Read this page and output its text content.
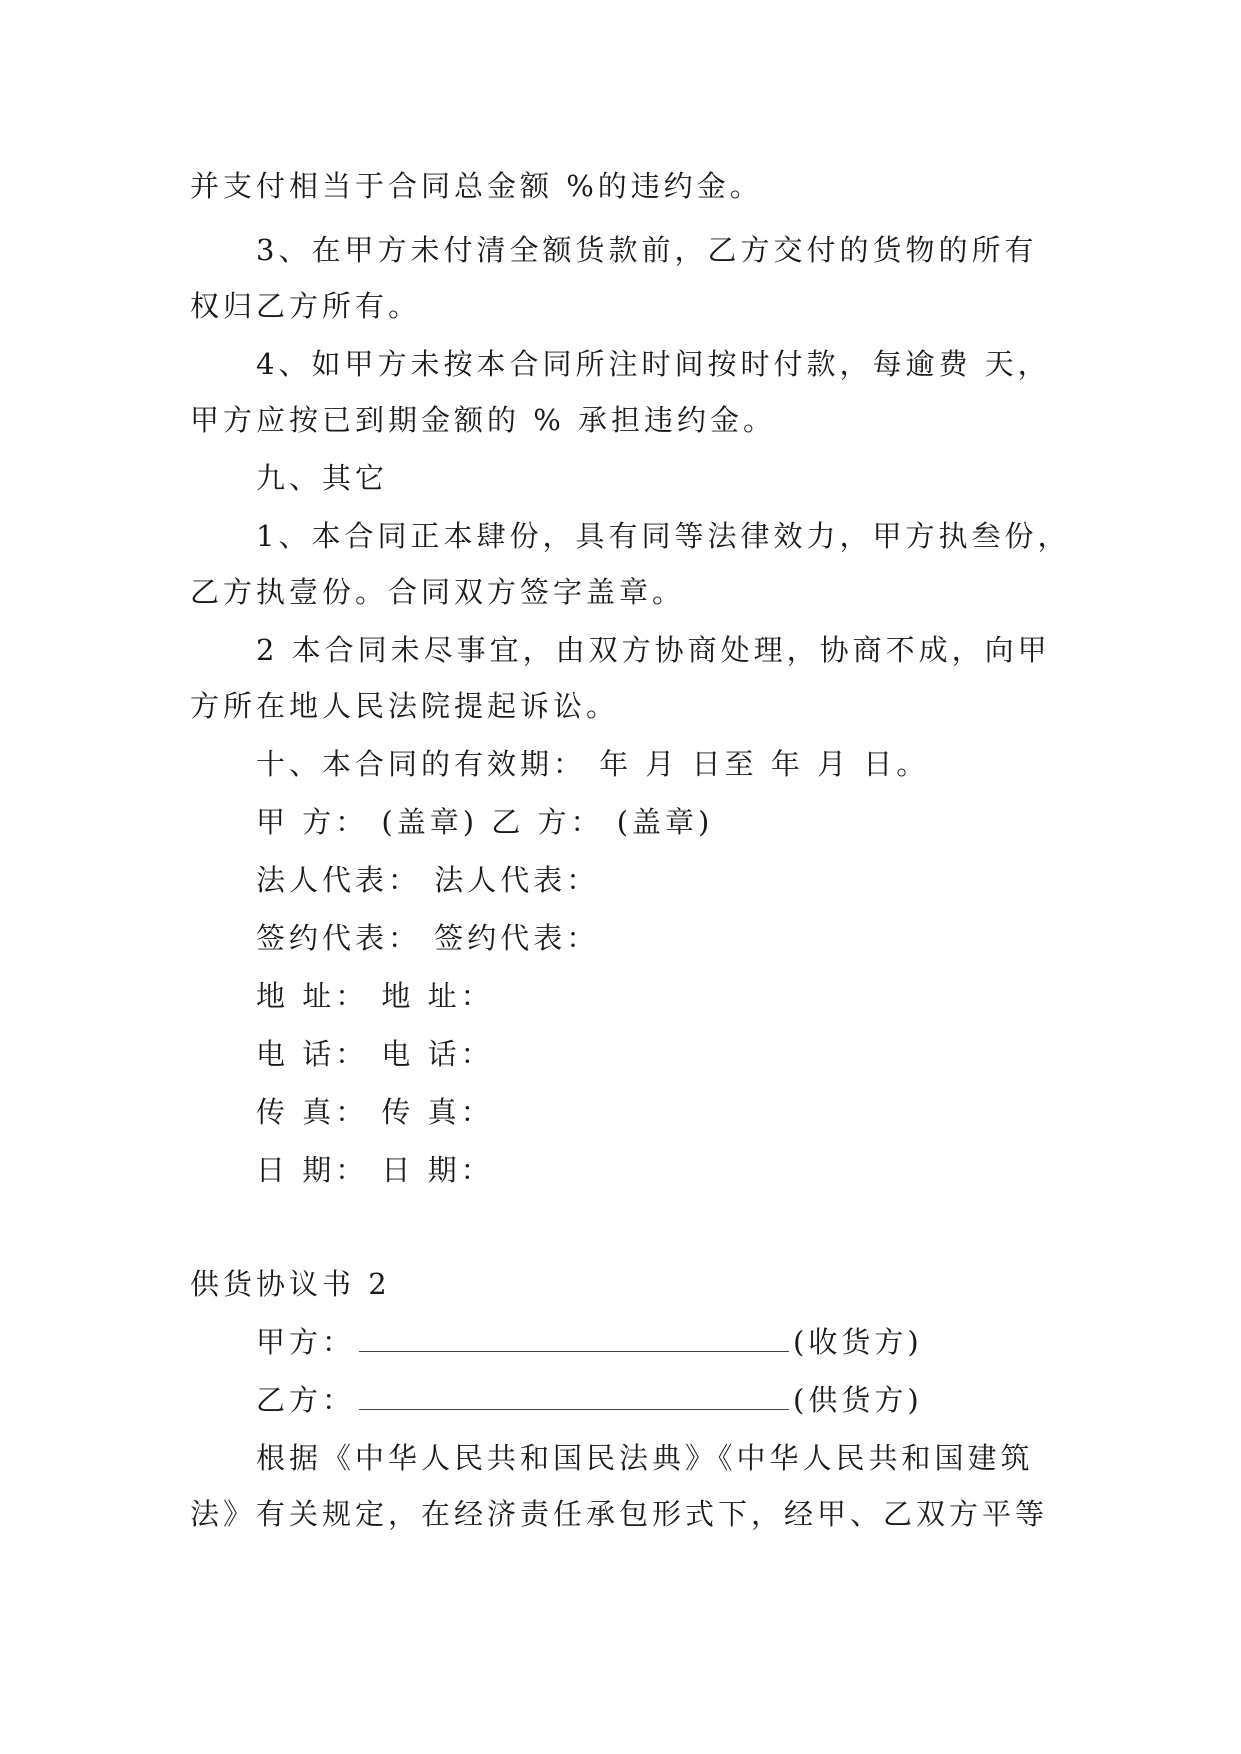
并支付相当于合同总金额 %的违约金。
3、在甲方未付清全额货款前，乙方交付的货物的所有
权归乙方所有。
4、如甲方未按本合同所注时间按时付款，每逾费 天，
甲方应按已到期金额的 % 承担违约金。
九、其它
1、本合同正本肆份，具有同等法律效力，甲方执叁份，
乙方执壹份。合同双方签字盖章。
2 本合同未尽事宜，由双方协商处理，协商不成，向甲
方所在地人民法院提起诉讼。
十、本合同的有效期： 年 月 日至 年 月 日。
甲 方： (盖章) 乙 方： (盖章)
法人代表： 法人代表：
签约代表： 签约代表：
地 址： 地 址：
电 话： 电 话：
传 真： 传 真：
日 期： 日 期：
供货协议书 2
甲方：	(收货方)
乙方：	(供货方)
根据《中华人民共和国民法典》《中华人民共和国建筑
法》有关规定，在经济责任承包形式下，经甲、乙双方平等
